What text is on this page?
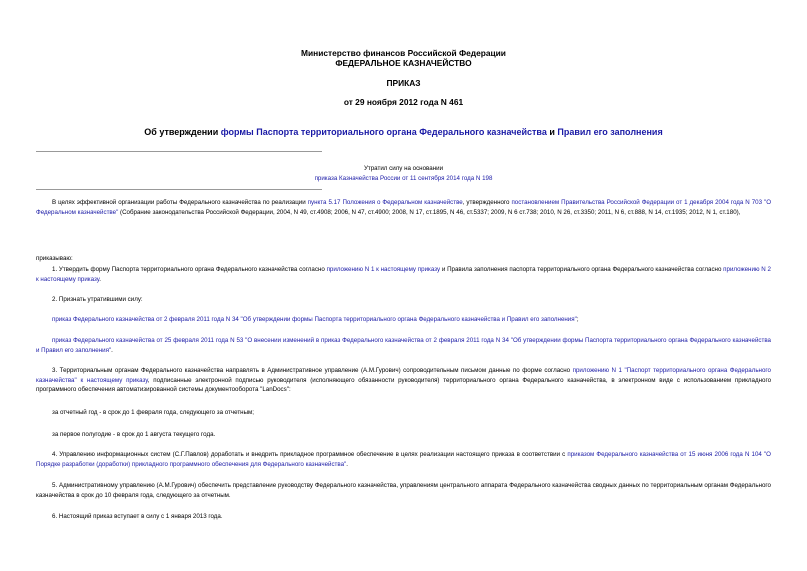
Министерство финансов Российской Федерации
ФЕДЕРАЛЬНОЕ КАЗНАЧЕЙСТВО
ПРИКАЗ
от 29 ноября 2012 года N 461
Об утверждении формы Паспорта территориального органа Федерального казначейства и Правил его заполнения
Утратил силу на основании
приказа Казначейства России от 11 сентября 2014 года N 198
В целях эффективной организации работы Федерального казначейства по реализации пункта 5.17 Положения о Федеральном казначействе, утвержденного постановлением Правительства Российской Федерации от 1 декабря 2004 года N 703 "О Федеральном казначействе" (Собрание законодательства Российской Федерации, 2004, N 49, ст.4908; 2006, N 47, ст.4900; 2008, N 17, ст.1895, N 46, ст.5337; 2009, N 6 ст.738; 2010, N 26, ст.3350; 2011, N 6, ст.888, N 14, ст.1935; 2012, N 1, ст.180),
приказываю:
1. Утвердить форму Паспорта территориального органа Федерального казначейства согласно приложению N 1 к настоящему приказу и Правила заполнения паспорта территориального органа Федерального казначейства согласно приложению N 2 к настоящему приказу.
2. Признать утратившими силу:
приказ Федерального казначейства от 2 февраля 2011 года N 34 "Об утверждении формы Паспорта территориального органа Федерального казначейства и Правил его заполнения";
приказ Федерального казначейства от 25 февраля 2011 года N 53 "О внесении изменений в приказ Федерального казначейства от 2 февраля 2011 года N 34 "Об утверждении формы Паспорта территориального органа Федерального казначейства и Правил его заполнения".
3. Территориальным органам Федерального казначейства направлять в Административное управление (А.М.Гурович) сопроводительным письмом данные по форме согласно приложению N 1 "Паспорт территориального органа Федерального казначейства" к настоящему приказу, подписанные электронной подписью руководителя (исполняющего обязанности руководителя) территориального органа Федерального казначейства, в электронном виде с использованием прикладного программного обеспечения автоматизированной системы документооборота "LanDocs":
за отчетный год - в срок до 1 февраля года, следующего за отчетным;
за первое полугодие - в срок до 1 августа текущего года.
4. Управлению информационных систем (С.Г.Павлов) доработать и внедрить прикладное программное обеспечение в целях реализации настоящего приказа в соответствии с приказом Федерального казначейства от 15 июня 2006 года N 104 "О Порядке разработки (доработки) прикладного программного обеспечения для Федерального казначейства".
5. Административному управлению (А.М.Гурович) обеспечить представление руководству Федерального казначейства, управлениям центрального аппарата Федерального казначейства сводных данных по территориальным органам Федерального казначейства в срок до 10 февраля года, следующего за отчетным.
6. Настоящий приказ вступает в силу с 1 января 2013 года.
